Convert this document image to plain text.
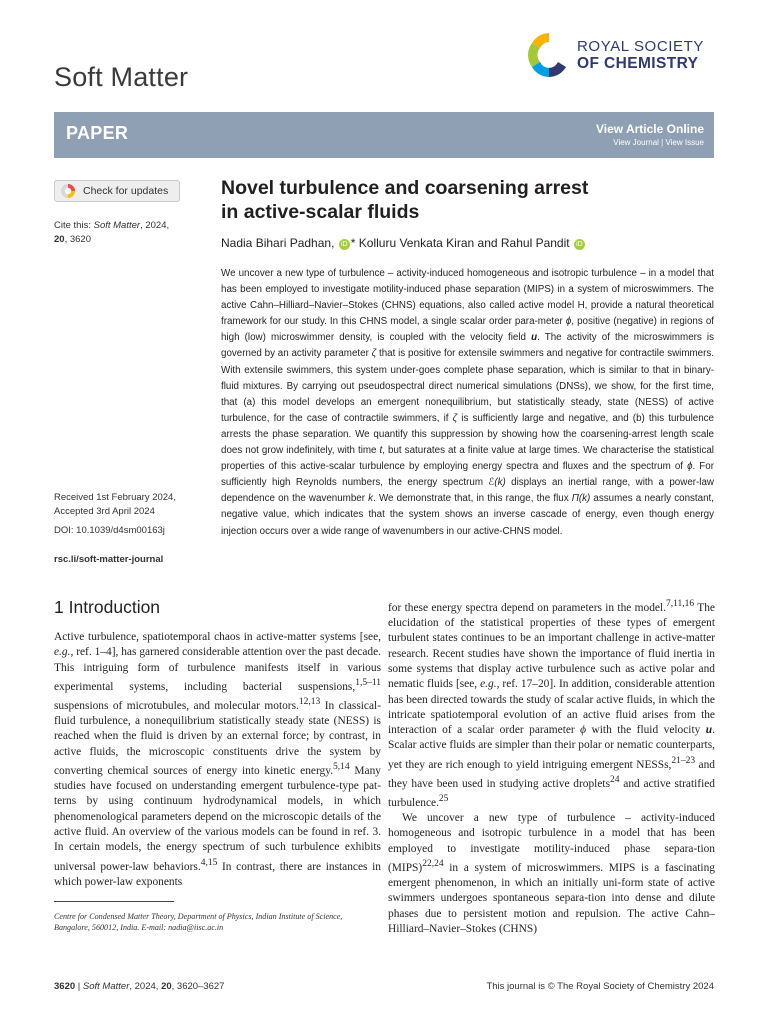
Soft Matter
ROYAL SOCIETY
OF CHEMISTRY
PAPER	View Article Online
View Journal | View Issue
Check for updates
Cite this: Soft Matter, 2024,
20, 3620
Received 1st February 2024,
Accepted 3rd April 2024
DOI: 10.1039/d4sm00163j
rsc.li/soft-matter-journal
Novel turbulence and coarsening arrest
in active-scalar fluids
Nadia Bihari Padhan, iD * Kolluru Venkata Kiran and Rahul Pandit iD

We uncover a new type of turbulence – activity-induced homogeneous and isotropic turbulence – in a model that has been employed to investigate motility-induced phase separation (MIPS) in a system of microswimmers. The active Cahn–Hilliard–Navier–Stokes (CHNS) equations, also called active model H, provide a natural theoretical framework for our study. In this CHNS model, a single scalar order para-meter ϕ, positive (negative) in regions of high (low) microswimmer density, is coupled with the velocity field u. The activity of the microswimmers is governed by an activity parameter ζ that is positive for extensile swimmers and negative for contractile swimmers. With extensile swimmers, this system under-goes complete phase separation, which is similar to that in binary-fluid mixtures. By carrying out pseudospectral direct numerical simulations (DNSs), we show, for the first time, that (a) this model develops an emergent nonequilibrium, but statistically steady, state (NESS) of active turbulence, for the case of contractile swimmers, if ζ is sufficiently large and negative, and (b) this turbulence arrests the phase separation. We quantify this suppression by showing how the coarsening-arrest length scale does not grow indefinitely, with time t, but saturates at a finite value at large times. We characterise the statistical properties of this active-scalar turbulence by employing energy spectra and fluxes and the spectrum of ϕ. For sufficiently high Reynolds numbers, the energy spectrum ℰ(k) displays an inertial range, with a power-law dependence on the wavenumber k. We demonstrate that, in this range, the flux Π(k) assumes a nearly constant, negative value, which indicates that the system shows an inverse cascade of energy, even though energy injection occurs over a wide range of wavenumbers in our active-CHNS model.

1 Introduction

Active turbulence, spatiotemporal chaos in active-matter systems [see, e.g., ref. 1–4], has garnered considerable attention over the past decade. This intriguing form of turbulence manifests itself in various experimental systems, including bacterial suspensions,$^{1,5-11}$ suspensions of microtubules, and molecular motors.$^{12,13}$ In classical-fluid turbulence, a nonequilibrium statistically steady state (NESS) is reached when the fluid is driven by an external force; by contrast, in active fluids, the microscopic constituents drive the system by converting chemical sources of energy into kinetic energy.$^{5,14}$ Many studies have focused on understanding emergent turbulence-type pat-terns by using continuum hydrodynamical models, in which phenomenological parameters depend on the microscopic details of the active fluid. An overview of the various models can be found in ref. 3. In certain models, the energy spectrum of such turbulence exhibits universal power-law behaviors.$^{4,15}$ In contrast, there are instances in which power-law exponents

for these energy spectra depend on parameters in the model.$^{7,11,16}$ The elucidation of the statistical properties of these types of emergent turbulent states continues to be an important challenge in active-matter research. Recent studies have shown the importance of fluid inertia in some systems that display active turbulence such as active polar and nematic fluids [see, e.g., ref. 17–20]. In addition, considerable attention has been directed towards the study of scalar active fluids, in which the intricate spatiotemporal evolution of an active fluid arises from the interaction of a scalar order parameter ϕ with the fluid velocity u. Scalar active fluids are simpler than their polar or nematic counterparts, yet they are rich enough to yield intriguing emergent NESSs,$^{21-23}$ and they have been used in studying active droplets$^{24}$ and active stratified turbulence.$^{25}$

We uncover a new type of turbulence – activity-induced homogeneous and isotropic turbulence in a model that has been employed to investigate motility-induced phase separa-tion (MIPS)$^{22,24}$ in a system of microswimmers. MIPS is a fascinating emergent phenomenon, in which an initially uni-form state of active swimmers undergoes spontaneous separa-tion into dense and dilute phases due to persistent motion and repulsion. The active Cahn–Hilliard–Navier–Stokes (CHNS)

Centre for Condensed Matter Theory, Department of Physics, Indian Institute of Science, Bangalore, 560012, India. E-mail: nadia@iisc.ac.in

3620 | Soft Matter, 2024, 20, 3620–3627	This journal is © The Royal Society of Chemistry 2024
